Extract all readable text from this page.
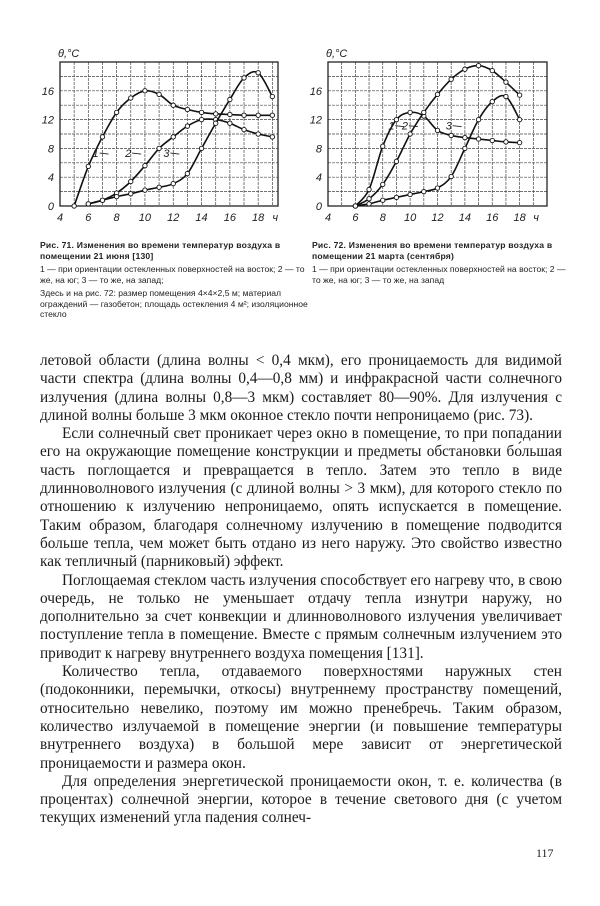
0
4
8
12
16
4 6 8 10 12 14 16 18 ч
θ,°C
1 2	3

Рис. 71. Изменения во времени температур воздуха в помещении 21 июня [130]

1 — при ориентации остекленных поверхностей на восток; 2 — то же, на юг; 3 — то же, на запад;

Здесь и на рис. 72: размер помещения 4×4×2,5 м; материал ограждений — газобетон; площадь остекления 4 м²; изоляционное стекло

0
4
8
12
16
4 6 8 10 12 14 16 18 ч
θ,°C
1 2	3

Рис. 72. Изменения во времени температур воздуха в помещении 21 марта (сентября)

1 — при ориентации остекленных поверхностей на восток; 2 — то же, на юг; 3 — то же, на запад

летовой области (длина волны < 0,4 мкм), его проницаемость для видимой части спектра (длина волны 0,4—0,8 мм) и инфракрасной части солнечного излучения (длина волны 0,8—3 мкм) составляет 80—90%. Для излучения с длиной волны больше 3 мкм оконное стекло почти непроницаемо (рис. 73).

Если солнечный свет проникает через окно в помещение, то при попадании его на окружающие помещение конструкции и предметы обстановки бо́льшая часть поглощается и превращается в тепло. Затем это тепло в виде длинноволнового излучения (с длиной волны > 3 мкм), для которого стекло по отношению к излучению непроницаемо, опять испускается в помещение. Таким образом, благодаря солнечному излучению в помещение подводится больше тепла, чем может быть отдано из него наружу. Это свойство известно как тепличный (парниковый) эффект.

Поглощаемая стеклом часть излучения способствует его нагреву что, в свою очередь, не только не уменьшает отдачу тепла изнутри наружу, но дополнительно за счет конвекции и длинноволнового излучения увеличивает поступление тепла в помещение. Вместе с прямым солнечным излучением это приводит к нагреву внутреннего воздуха помещения [131].

Количество тепла, отдаваемого поверхностями наружных стен (подоконники, перемычки, откосы) внутреннему пространству помещений, относительно невелико, поэтому им можно пренебречь. Таким образом, количество излучаемой в помещение энергии (и повышение температуры внутреннего воздуха) в большой мере зависит от энергетической проницаемости и размера окон.

Для определения энергетической проницаемости окон, т. е. количества (в процентах) солнечной энергии, которое в течение светового дня (с учетом текущих изменений угла падения солнеч-

117
